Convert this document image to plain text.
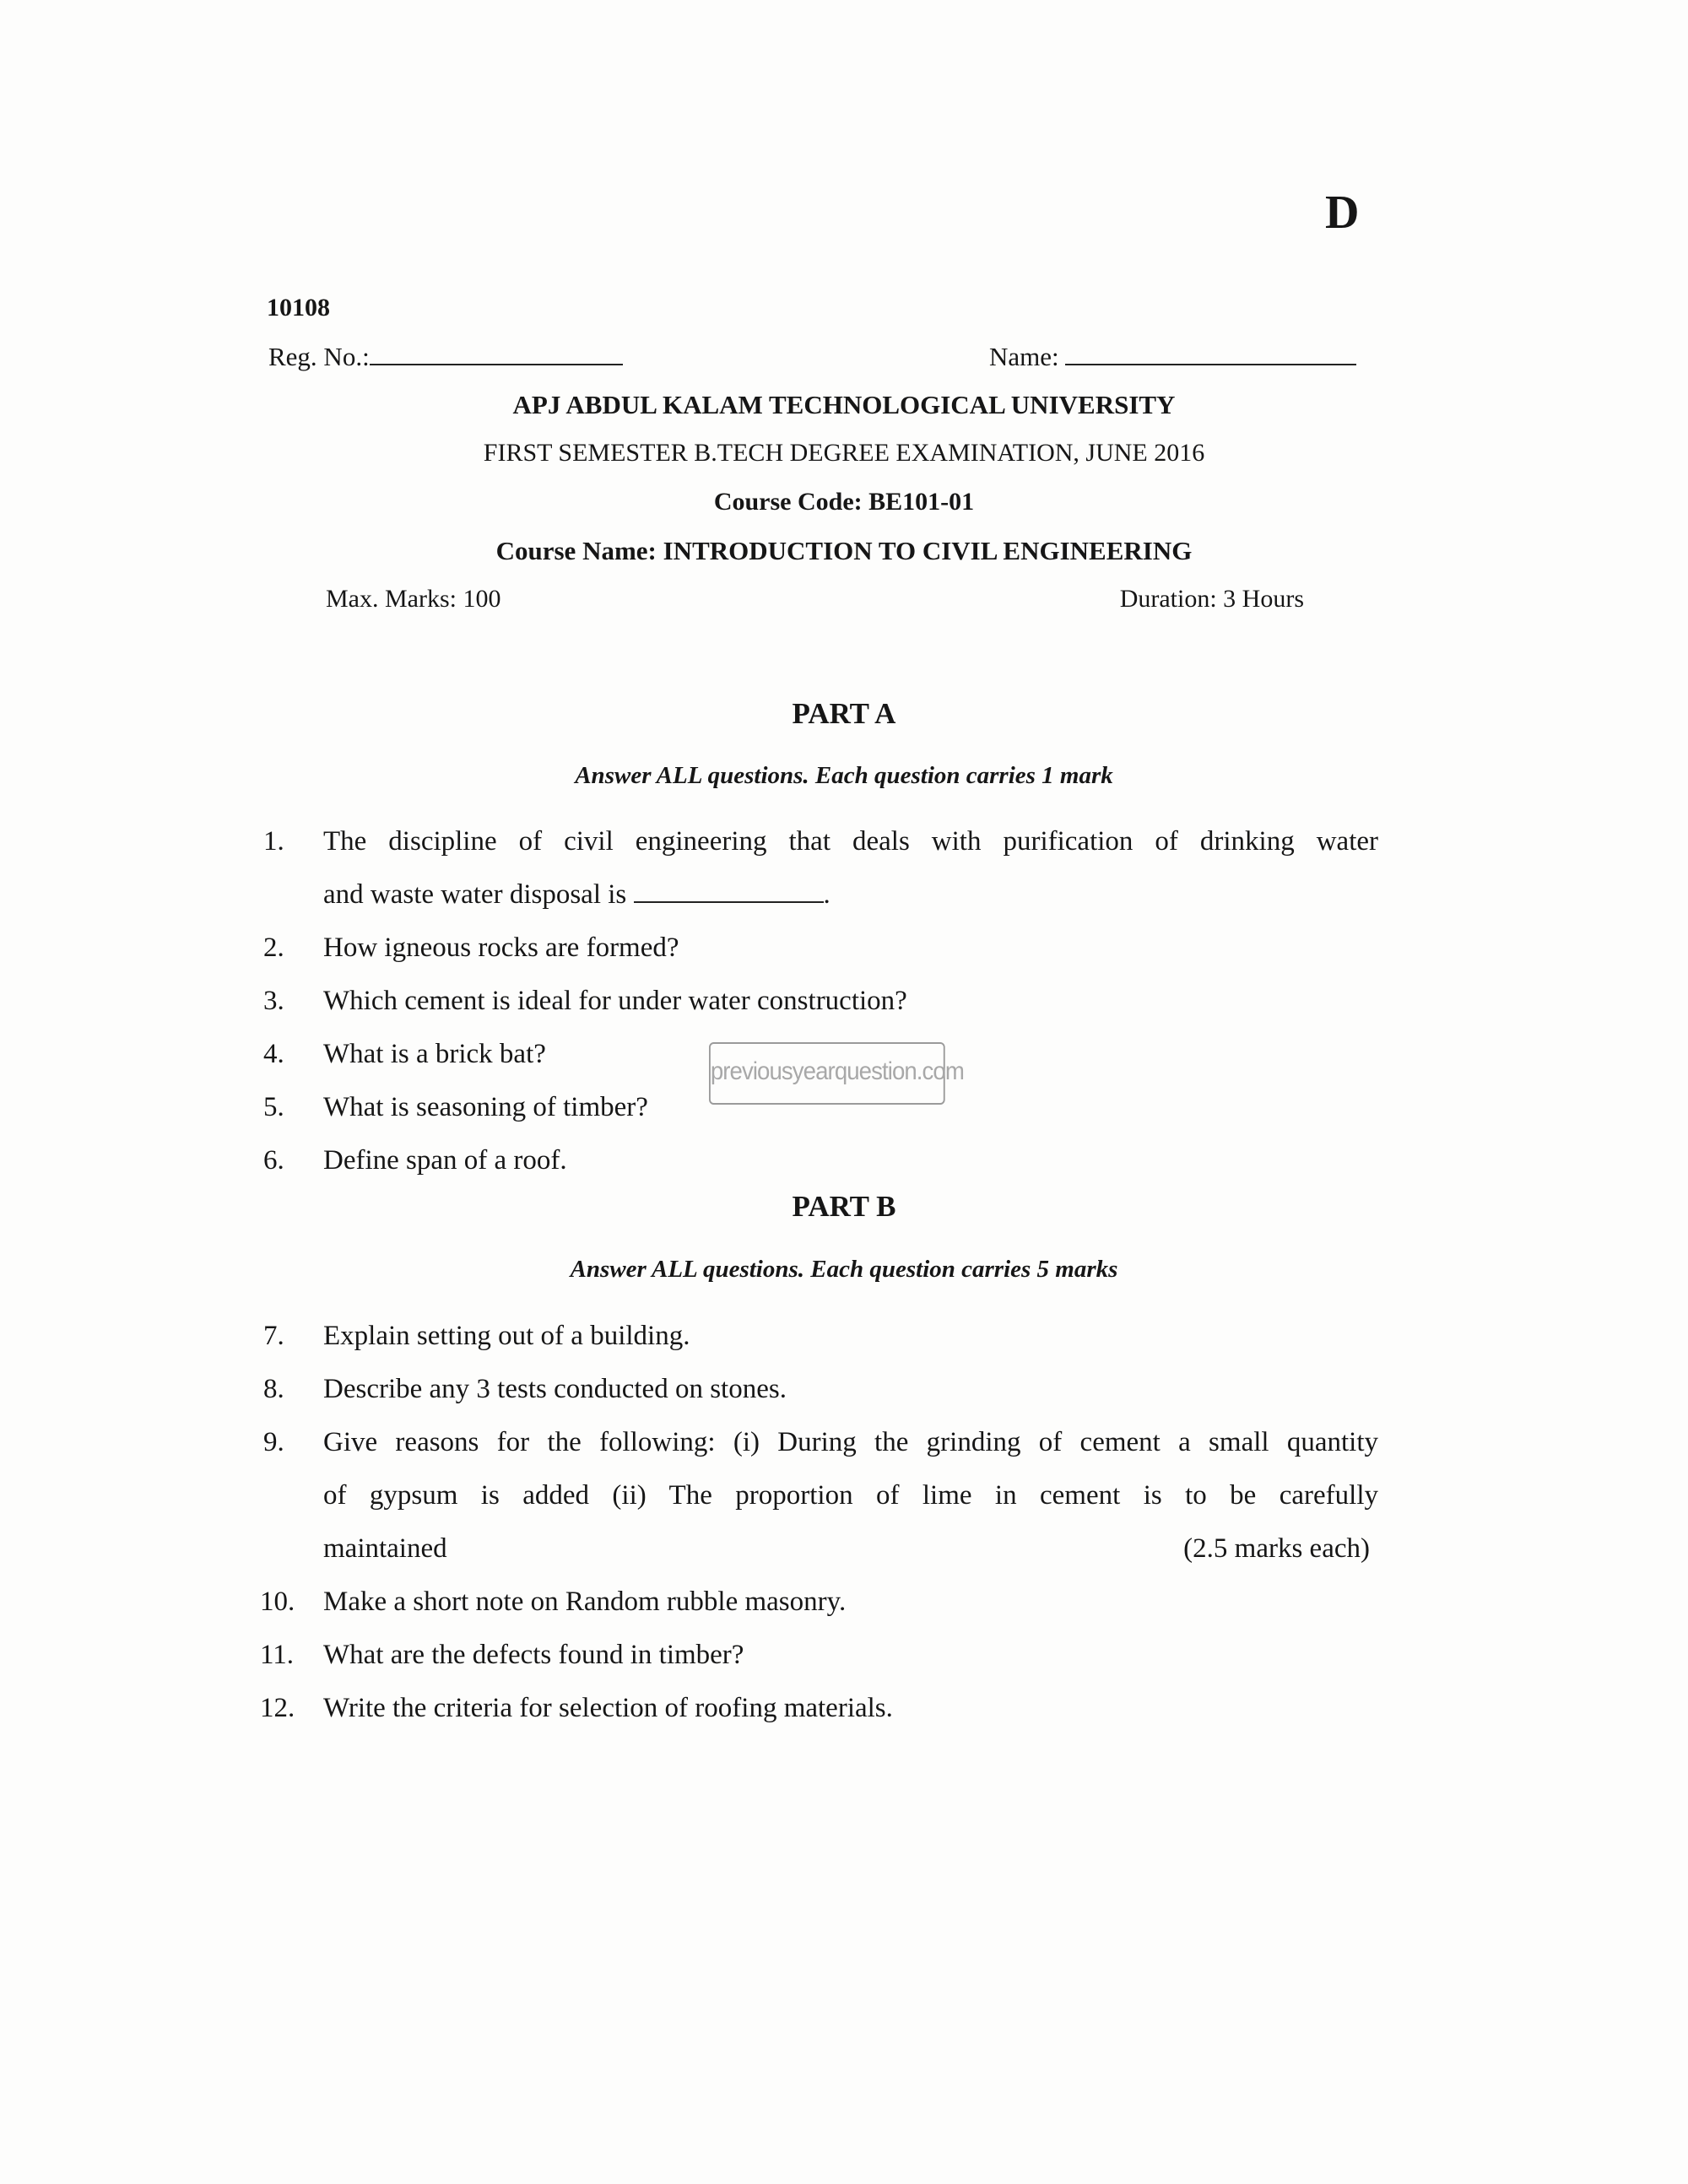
D
10108
Reg. No.:	Name:
APJ ABDUL KALAM TECHNOLOGICAL UNIVERSITY
FIRST SEMESTER B.TECH DEGREE EXAMINATION, JUNE 2016
Course Code: BE101-01
Course Name: INTRODUCTION TO CIVIL ENGINEERING
Max. Marks: 100	Duration: 3 Hours
PART A
Answer ALL questions. Each question carries 1 mark
1.	The discipline of civil engineering that deals with purification of drinking water
and waste water disposal is	.
2.	How igneous rocks are formed?
3.	Which cement is ideal for under water construction?
4.	What is a brick bat?
5.	What is seasoning of timber?
6.	Define span of a roof.
PART B
Answer ALL questions. Each question carries 5 marks
7.	Explain setting out of a building.
8.	Describe any 3 tests conducted on stones.
9.	Give reasons for the following: (i) During the grinding of cement a small quantity
of gypsum is added (ii) The proportion of lime in cement is to be carefully
maintained	(2.5 marks each)
10.	Make a short note on Random rubble masonry.
11.	What are the defects found in timber?
12.	Write the criteria for selection of roofing materials.
previousyearquestion.com
